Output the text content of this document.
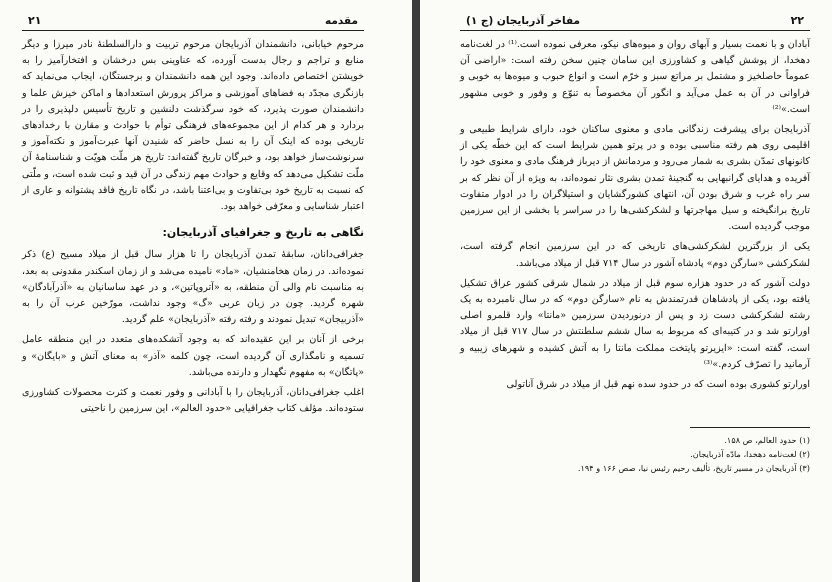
مقدمه
۲۱

مرحوم خیابانی، دانشمندان آذربایجان مرحوم تربیت و دارالسلطنهٔ نادر میرزا و دیگر منابع و تراجم و رجال بدست آورده، که عناوینی بس درخشان و افتخارآمیز را به خویشتن اختصاص داده‌اند. وجود این همه دانشمندان و برجستگان، ایجاب می‌نماید که بازنگری مجدّد به فضاهای آموزشی و مراکز پرورش استعدادها و اماکن خیزش علما و دانشمندان صورت پذیرد، که خود سرگذشت دلنشین و تاریخ تأسیس دلپذیری را در بردارد و هر کدام از این مجموعه‌های فرهنگی توأم با حوادث و مقارن با رخدادهای تاریخی بوده که اینک آن را به نسل حاضر که شنیدن آنها عبرت‌آموز و نکته‌آموز و سرنوشت‌ساز خواهد بود، و خبرگان تاریخ گفته‌اند: تاریخ هر ملّت هویّت و شناسنامهٔ آن ملّت تشکیل می‌دهد که وقایع و حوادث مهم زندگی در آن قید و ثبت شده است، و ملّتی که نسبت به تاریخ خود بی‌تفاوت و بی‌اعتنا باشد، در نگاه تاریخ فاقد پشتوانه و عاری از اعتبار شناسایی و معرّفی خواهد بود.

نگاهی به تاریخ و جغرافیای آذربایجان:

جغرافی‌دانان، سابقهٔ تمدن آذربایجان را تا هزار سال قبل از میلاد مسیح (ع) ذکر نموده‌اند. در زمان هخامنشیان، «ماد» نامیده می‌شد و از زمان اسکندر مقدونی به بعد، به مناسبت نام والی آن منطقه، به «آتروپاتین»، و در عهد ساسانیان به «آذرآبادگان» شهره گردید. چون در زبان عربی «گ» وجود نداشت، مورّخین عرب آن را به «آذربیجان» تبدیل نمودند و رفته رفته «آذربایجان» علم گردید.

برخی از آنان بر این عقیده‌اند که به وجود آتشکده‌های متعدد در این منطقه عامل تسمیه و نامگذاری آن گردیده است، چون کلمه «آذر» به معنای آتش و «بایگان» و «پاتگان» به مفهوم نگهدار و دارنده می‌باشد.

اغلب جغرافی‌دانان، آذربایجان را با آبادانی و وفور نعمت و کثرت محصولات کشاورزی ستوده‌اند. مؤلف کتاب جغرافیایی «حدود العالم»، این سرزمین را ناحیتی

۲۲
مفاخر آذربایجان (ج ۱)

آبادان و با نعمت بسیار و آبهای روان و میوه‌های نیکو، معرفی نموده است.⁽¹⁾ در لغت‌نامه دهخدا، از پوشش گیاهی و کشاورزی این سامان چنین سخن رفته است: «اراضی آن عموماً حاصلخیز و مشتمل بر مراتع سبز و خرّم است و انواع حبوب و میوه‌ها به خوبی و فراوانی در آن به عمل می‌آید و انگور آن مخصوصاً به تنوّع و وفور و خوبی مشهور است.»⁽²⁾

آذربایجان برای پیشرفت زندگانی مادی و معنوی ساکنان خود، دارای شرایط طبیعی و اقلیمی روی هم رفته مناسبی بوده و در پرتو همین شرایط است که این خطّه یکی از کانونهای تمدّن بشری به شمار می‌رود و مردمانش از دیرباز فرهنگ مادی و معنوی خود را آفریده و هدایای گرانبهایی به گنجینهٔ تمدن بشری نثار نموده‌اند، به ویژه از آن نظر که بر سر راه غرب و شرق بودن آن، انتهای کشورگشایان و استیلاگران را در ادوار متفاوت تاریخ برانگیخته و سیل مهاجرتها و لشکرکشی‌ها را در سراسر یا بخشی از این سرزمین موجب گردیده است.

یکی از بزرگترین لشکرکشی‌های تاریخی که در این سرزمین انجام گرفته است، لشکرکشی «سارگن دوم» پادشاه آشور در سال ۷۱۴ قبل از میلاد می‌باشد.

دولت آشور که در حدود هزاره سوم قبل از میلاد در شمال شرقی کشور عراق تشکیل یافته بود، یکی از پادشاهان قدرتمندش به نام «سارگن دوم» که در سال نامبرده به یک رشته لشکرکشی دست زد و پس از درنوردیدن سرزمین «مانتا» وارد قلمرو اصلی اورارتو شد و در کتیبه‌ای که مربوط به سال ششم سلطنتش در سال ۷۱۷ قبل از میلاد است، گفته است: «ایزیرتو پایتخت مملکت مانتا را به آتش کشیده و شهرهای زیبیه و آرمانید را تصرّف کردم.»⁽³⁾

اورارتو کشوری بوده است که در حدود سده نهم قبل از میلاد در شرق آناتولی

(۱) حدود العالم، ص ۱۵۸.
(۲) لغت‌نامه دهخدا، مادّه آذربایجان.
(۳) آذربایجان در مسیر تاریخ، تألیف رحیم رئیس نیا، صص ۱۶۶ و ۱۹۴.
